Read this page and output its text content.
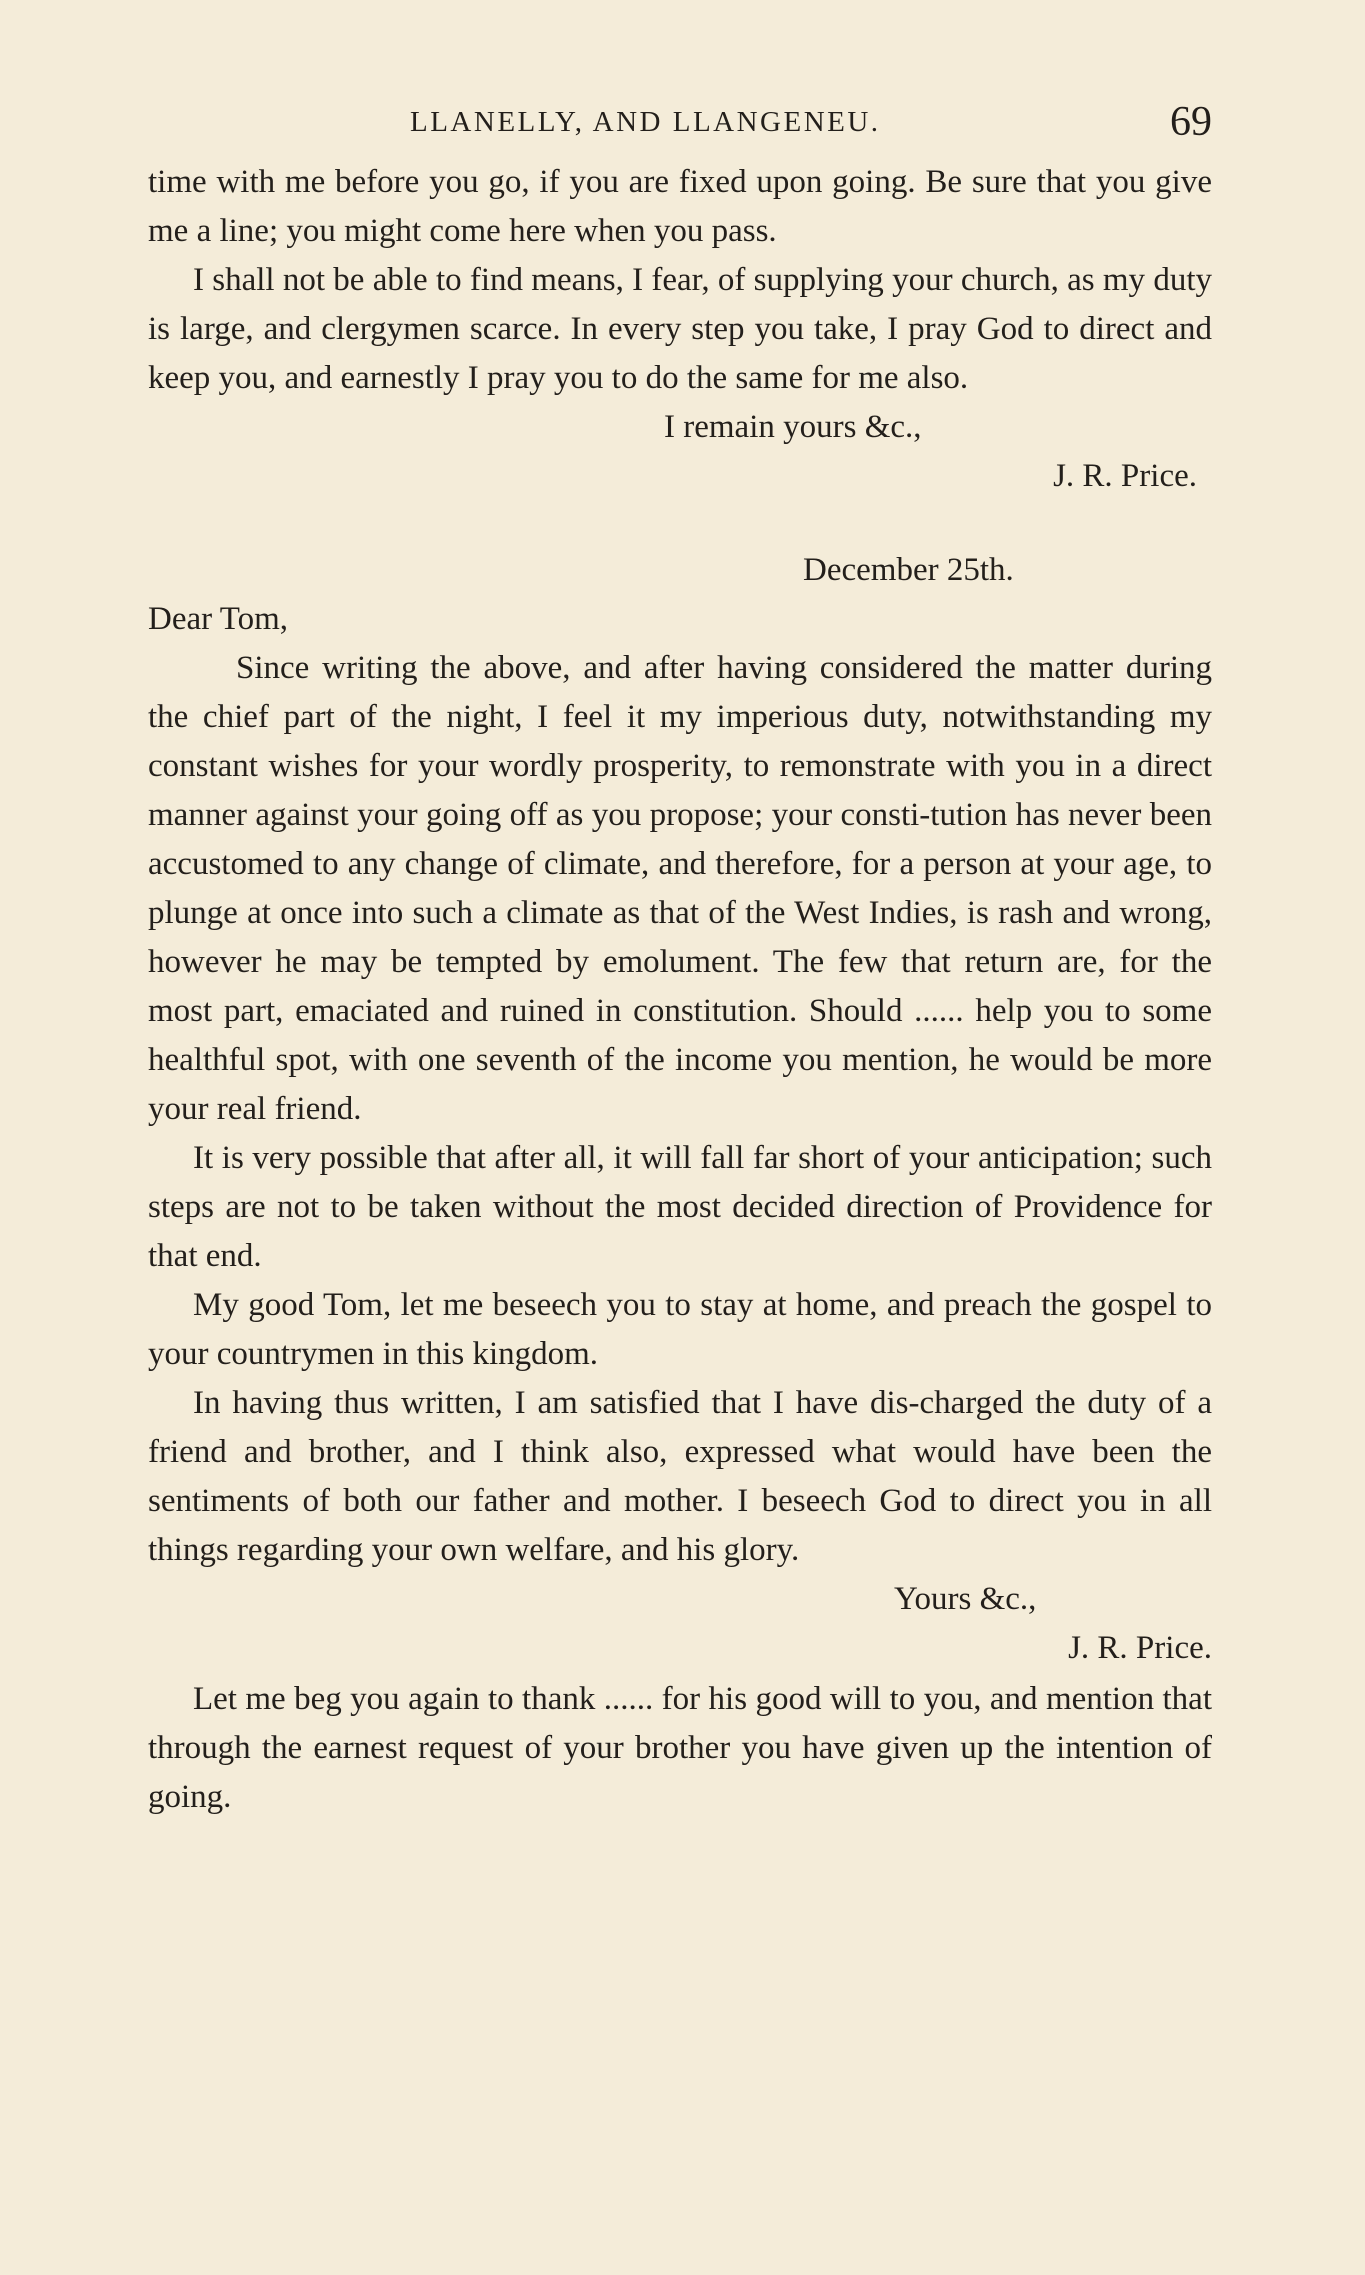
LLANELLY, AND LLANGENEU.	69

time with me before you go, if you are fixed upon going. Be sure that you give me a line; you might come here when you pass.

I shall not be able to find means, I fear, of supplying your church, as my duty is large, and clergymen scarce. In every step you take, I pray God to direct and keep you, and earnestly I pray you to do the same for me also.

I remain yours &c.,

J. R. Price.

December 25th.

Dear Tom,

Since writing the above, and after having considered the matter during the chief part of the night, I feel it my imperious duty, notwithstanding my constant wishes for your wordly prosperity, to remonstrate with you in a direct manner against your going off as you propose; your consti-tution has never been accustomed to any change of climate, and therefore, for a person at your age, to plunge at once into such a climate as that of the West Indies, is rash and wrong, however he may be tempted by emolument. The few that return are, for the most part, emaciated and ruined in constitution. Should ...... help you to some healthful spot, with one seventh of the income you mention, he would be more your real friend.

It is very possible that after all, it will fall far short of your anticipation; such steps are not to be taken without the most decided direction of Providence for that end.

My good Tom, let me beseech you to stay at home, and preach the gospel to your countrymen in this kingdom.

In having thus written, I am satisfied that I have dis-charged the duty of a friend and brother, and I think also, expressed what would have been the sentiments of both our father and mother. I beseech God to direct you in all things regarding your own welfare, and his glory.

Yours &c.,

J. R. Price.

Let me beg you again to thank ...... for his good will to you, and mention that through the earnest request of your brother you have given up the intention of going.
